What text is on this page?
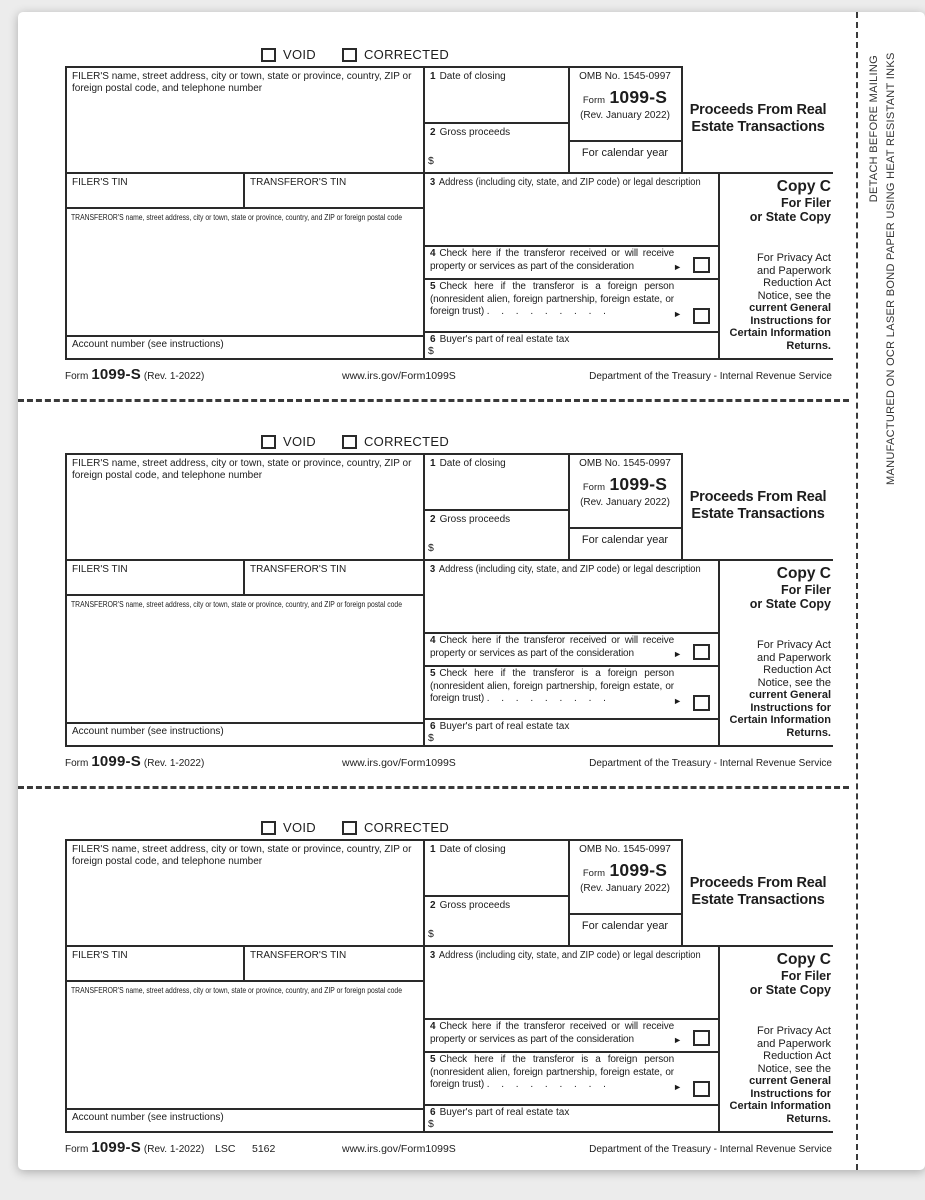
VOID	CORRECTED
FILER'S name, street address, city or town, state or province, country, ZIP or foreign postal code, and telephone number
1 Date of closing
2 Gross proceeds
$
OMB No. 1545-0997
Form 1099-S
(Rev. January 2022)
For calendar year
Proceeds From Real Estate Transactions
FILER'S TIN	TRANSFEROR'S TIN
TRANSFEROR'S name, street address, city or town, state or province, country, and ZIP or foreign postal code
3 Address (including city, state, and ZIP code) or legal description	Copy C
For Filer
or State Copy
4 Check here if the transferor received or will receive property or services as part of the consideration	►
5 Check here if the transferor is a foreign person (nonresident alien, foreign partnership, foreign estate, or foreign trust) . . . . . . . . .	►
For Privacy Act and Paperwork Reduction Act Notice, see the
current General Instructions for Certain Information Returns.
Account number (see instructions)	6 Buyer's part of real estate tax
$
Form 1099-S (Rev. 1-2022)	www.irs.gov/Form1099S	Department of the Treasury - Internal Revenue Service
VOID	CORRECTED
FILER'S name, street address, city or town, state or province, country, ZIP or foreign postal code, and telephone number
1 Date of closing
2 Gross proceeds
$
OMB No. 1545-0997
Form 1099-S
(Rev. January 2022)
For calendar year
Proceeds From Real Estate Transactions
FILER'S TIN	TRANSFEROR'S TIN
TRANSFEROR'S name, street address, city or town, state or province, country, and ZIP or foreign postal code
3 Address (including city, state, and ZIP code) or legal description	Copy C
For Filer
or State Copy
4 Check here if the transferor received or will receive property or services as part of the consideration	►
5 Check here if the transferor is a foreign person (nonresident alien, foreign partnership, foreign estate, or foreign trust) . . . . . . . . .	►
For Privacy Act and Paperwork Reduction Act Notice, see the
current General Instructions for Certain Information Returns.
Account number (see instructions)	6 Buyer's part of real estate tax
$
Form 1099-S (Rev. 1-2022)	www.irs.gov/Form1099S	Department of the Treasury - Internal Revenue Service
VOID	CORRECTED
FILER'S name, street address, city or town, state or province, country, ZIP or foreign postal code, and telephone number
1 Date of closing
2 Gross proceeds
$
OMB No. 1545-0997
Form 1099-S
(Rev. January 2022)
For calendar year
Proceeds From Real Estate Transactions
FILER'S TIN	TRANSFEROR'S TIN
TRANSFEROR'S name, street address, city or town, state or province, country, and ZIP or foreign postal code
3 Address (including city, state, and ZIP code) or legal description	Copy C
For Filer
or State Copy
4 Check here if the transferor received or will receive property or services as part of the consideration	►
5 Check here if the transferor is a foreign person (nonresident alien, foreign partnership, foreign estate, or foreign trust) . . . . . . . . .	►
For Privacy Act and Paperwork Reduction Act Notice, see the
current General Instructions for Certain Information Returns.
Account number (see instructions)	6 Buyer's part of real estate tax
$
Form 1099-S (Rev. 1-2022) LSC 5162	www.irs.gov/Form1099S	Department of the Treasury - Internal Revenue Service
DETACH BEFORE MAILING MANUFACTURED ON OCR LASER BOND PAPER USING HEAT RESISTANT INKS
